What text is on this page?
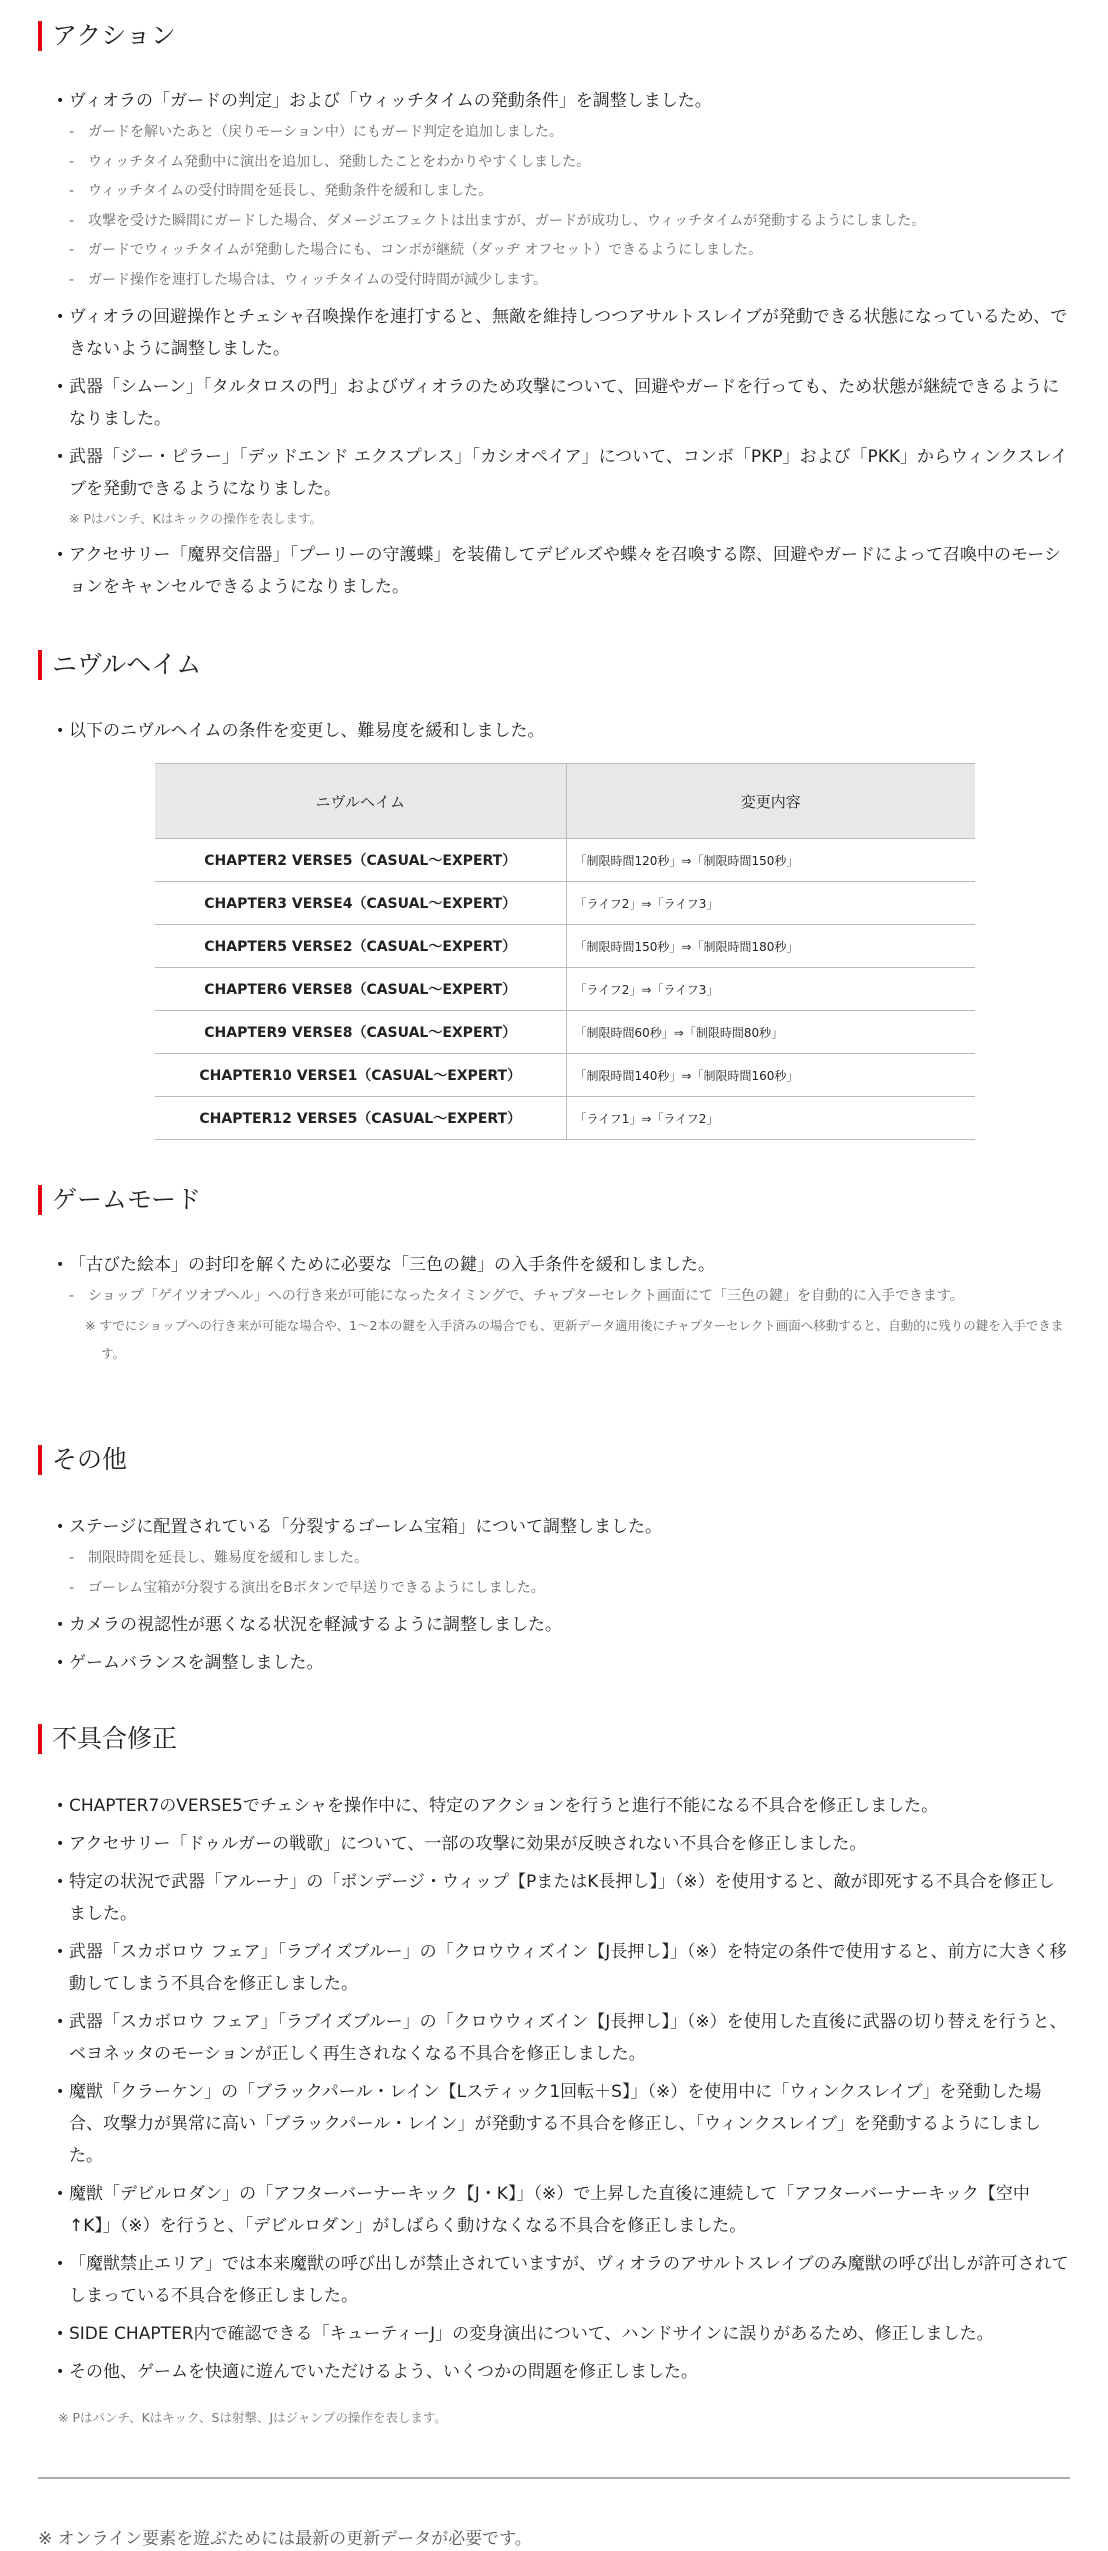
アクション
• ヴィオラの「ガードの判定」および「ウィッチタイムの発動条件」を調整しました。
- ガードを解いたあと（戻りモーション中）にもガード判定を追加しました。
- ウィッチタイム発動中に演出を追加し、発動したことをわかりやすくしました。
- ウィッチタイムの受付時間を延長し、発動条件を緩和しました。
- 攻撃を受けた瞬間にガードした場合、ダメージエフェクトは出ますが、ガードが成功し、ウィッチタイムが発動するようにしました。
- ガードでウィッチタイムが発動した場合にも、コンボが継続（ダッヂ オフセット）できるようにしました。
- ガード操作を連打した場合は、ウィッチタイムの受付時間が減少します。
• ヴィオラの回避操作とチェシャ召喚操作を連打すると、無敵を維持しつつアサルトスレイブが発動できる状態になっているため、できないように調整しました。
• 武器「シムーン」「タルタロスの門」およびヴィオラのため攻撃について、回避やガードを行っても、ため状態が継続できるようになりました。
• 武器「ジー・ピラー」「デッドエンド エクスプレス」「カシオペイア」について、コンボ「PKP」および「PKK」からウィンクスレイブを発動できるようになりました。
※ Pはパンチ、Kはキックの操作を表します。
• アクセサリー「魔界交信器」「プーリーの守護蝶」を装備してデビルズや蝶々を召喚する際、回避やガードによって召喚中のモーションをキャンセルできるようになりました。
ニヴルヘイム
• 以下のニヴルヘイムの条件を変更し、難易度を緩和しました。
ニヴルヘイム	変更内容
CHAPTER2 VERSE5（CASUAL～EXPERT）	「制限時間120秒」⇒「制限時間150秒」
CHAPTER3 VERSE4（CASUAL～EXPERT）	「ライフ2」⇒「ライフ3」
CHAPTER5 VERSE2（CASUAL～EXPERT）	「制限時間150秒」⇒「制限時間180秒」
CHAPTER6 VERSE8（CASUAL～EXPERT）	「ライフ2」⇒「ライフ3」
CHAPTER9 VERSE8（CASUAL～EXPERT）	「制限時間60秒」⇒「制限時間80秒」
CHAPTER10 VERSE1（CASUAL～EXPERT）	「制限時間140秒」⇒「制限時間160秒」
CHAPTER12 VERSE5（CASUAL～EXPERT）	「ライフ1」⇒「ライフ2」
ゲームモード
• 「古びた絵本」の封印を解くために必要な「三色の鍵」の入手条件を緩和しました。
- ショップ「ゲイツオブヘル」への行き来が可能になったタイミングで、チャプターセレクト画面にて「三色の鍵」を自動的に入手できます。
※ すでにショップへの行き来が可能な場合や、1～2本の鍵を入手済みの場合でも、更新データ適用後にチャプターセレクト画面へ移動すると、自動的に残りの鍵を入手できます。
その他
• ステージに配置されている「分裂するゴーレム宝箱」について調整しました。
- 制限時間を延長し、難易度を緩和しました。
- ゴーレム宝箱が分裂する演出をBボタンで早送りできるようにしました。
• カメラの視認性が悪くなる状況を軽減するように調整しました。
• ゲームバランスを調整しました。
不具合修正
• CHAPTER7のVERSE5でチェシャを操作中に、特定のアクションを行うと進行不能になる不具合を修正しました。
• アクセサリー「ドゥルガーの戦歌」について、一部の攻撃に効果が反映されない不具合を修正しました。
• 特定の状況で武器「アルーナ」の「ボンデージ・ウィップ【PまたはK長押し】」（※）を使用すると、敵が即死する不具合を修正しました。
• 武器「スカボロウ フェア」「ラブイズブルー」の「クロウウィズイン【J長押し】」（※）を特定の条件で使用すると、前方に大きく移動してしまう不具合を修正しました。
• 武器「スカボロウ フェア」「ラブイズブルー」の「クロウウィズイン【J長押し】」（※）を使用した直後に武器の切り替えを行うと、ベヨネッタのモーションが正しく再生されなくなる不具合を修正しました。
• 魔獣「クラーケン」の「ブラックパール・レイン【Lスティック1回転＋S】」（※）を使用中に「ウィンクスレイブ」を発動した場合、攻撃力が異常に高い「ブラックパール・レイン」が発動する不具合を修正し、「ウィンクスレイブ」を発動するようにしました。
• 魔獣「デビルロダン」の「アフターバーナーキック【J・K】」（※）で上昇した直後に連続して「アフターバーナーキック【空中↑K】」（※）を行うと、「デビルロダン」がしばらく動けなくなる不具合を修正しました。
• 「魔獣禁止エリア」では本来魔獣の呼び出しが禁止されていますが、ヴィオラのアサルトスレイブのみ魔獣の呼び出しが許可されてしまっている不具合を修正しました。
• SIDE CHAPTER内で確認できる「キューティーJ」の変身演出について、ハンドサインに誤りがあるため、修正しました。
• その他、ゲームを快適に遊んでいただけるよう、いくつかの問題を修正しました。
※ Pはパンチ、Kはキック、Sは射撃、Jはジャンプの操作を表します。
※ オンライン要素を遊ぶためには最新の更新データが必要です。
